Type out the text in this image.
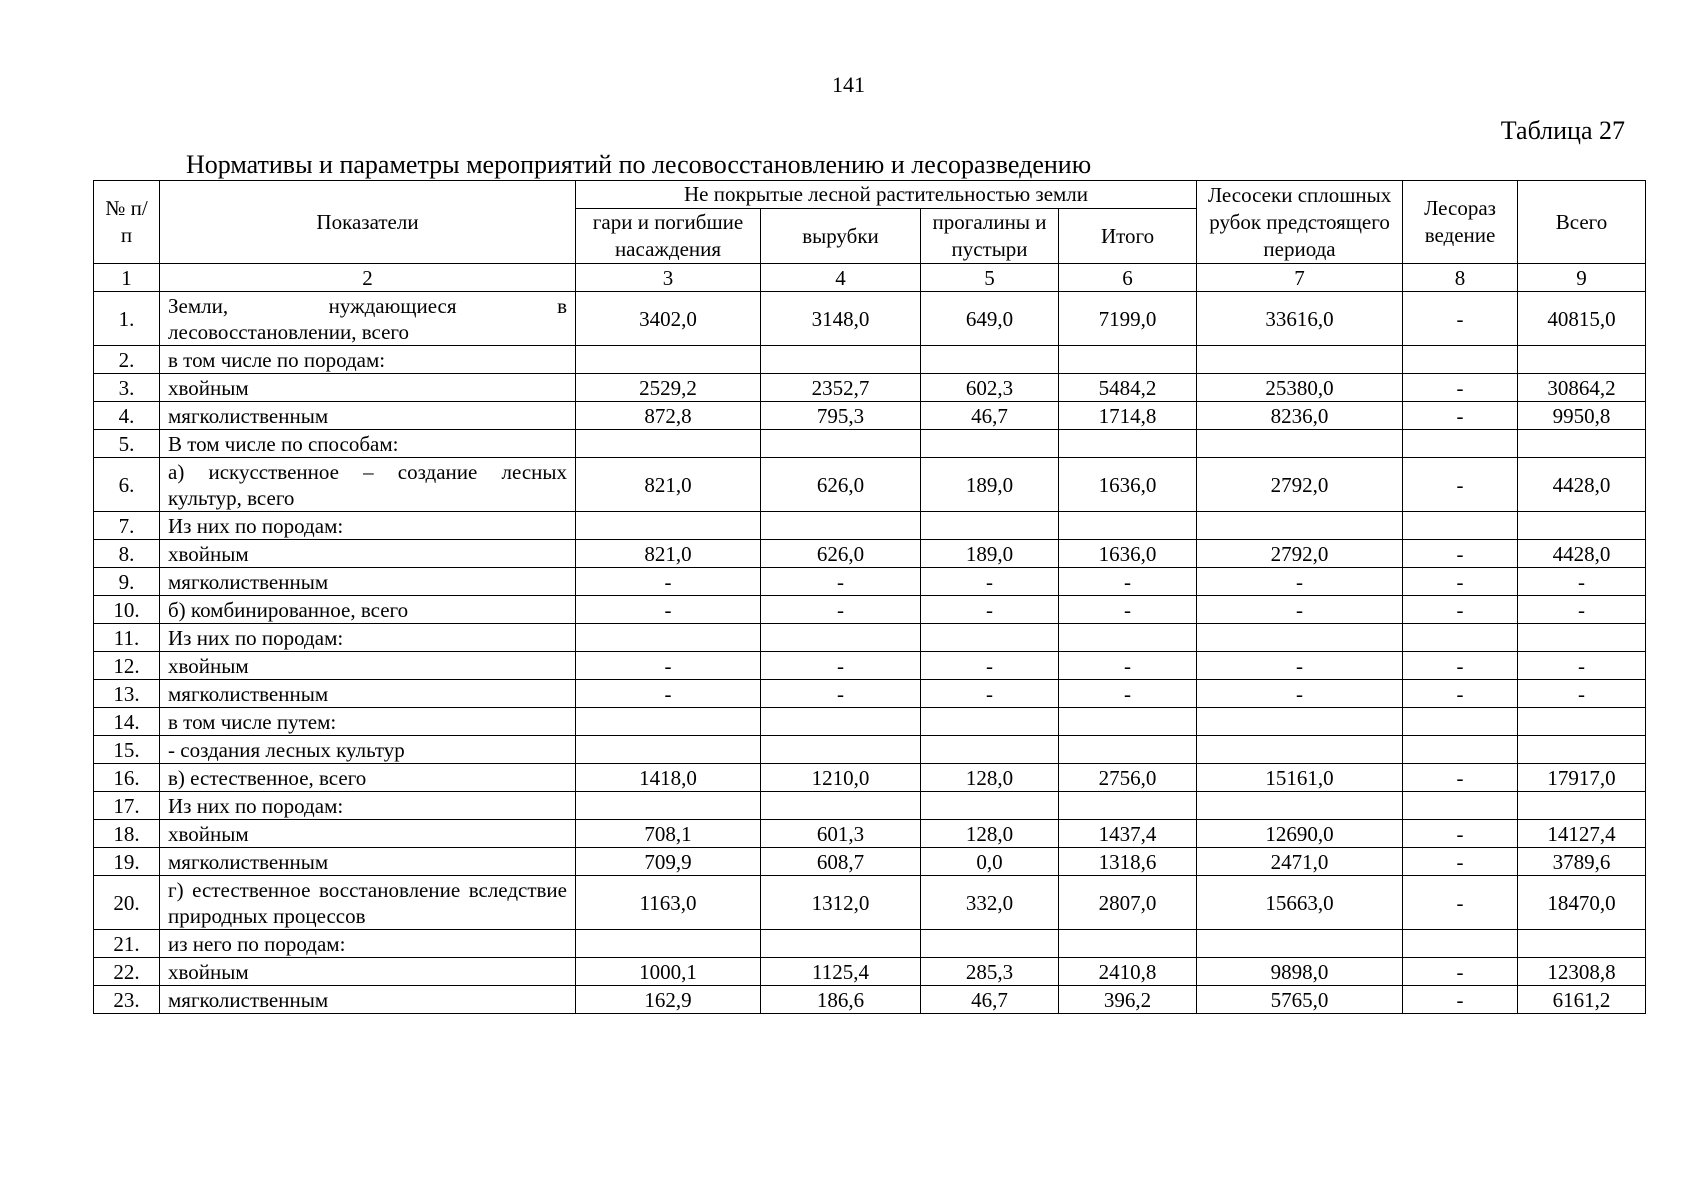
141
Таблица 27
Нормативы и параметры мероприятий по лесовосстановлению и лесоразведению
№ п/п	Показатели	Не покрытые лесной растительностью земли				Лесосеки сплошных рубок предстоящего периода	Лесораз ведение	Всего
		гари и погибшие насаждения	вырубки	прогалины и пустыри	Итого			
1	2	3	4	5	6	7	8	9
1.	Земли, нуждающиеся в лесовосстановлении, всего	3402,0	3148,0	649,0	7199,0	33616,0	-	40815,0
2.	в том числе по породам:							
3.	хвойным	2529,2	2352,7	602,3	5484,2	25380,0	-	30864,2
4.	мягколиственным	872,8	795,3	46,7	1714,8	8236,0	-	9950,8
5.	В том числе по способам:							
6.	а) искусственное – создание лесных культур, всего	821,0	626,0	189,0	1636,0	2792,0	-	4428,0
7.	Из них по породам:							
8.	хвойным	821,0	626,0	189,0	1636,0	2792,0	-	4428,0
9.	мягколиственным	-	-	-	-	-	-	-
10.	б) комбинированное, всего	-	-	-	-	-	-	-
11.	Из них по породам:							
12.	хвойным	-	-	-	-	-	-	-
13.	мягколиственным	-	-	-	-	-	-	-
14.	в том числе путем:							
15.	- создания лесных культур							
16.	в) естественное, всего	1418,0	1210,0	128,0	2756,0	15161,0	-	17917,0
17.	Из них по породам:							
18.	хвойным	708,1	601,3	128,0	1437,4	12690,0	-	14127,4
19.	мягколиственным	709,9	608,7	0,0	1318,6	2471,0	-	3789,6
20.	г) естественное восстановление вследствие природных процессов	1163,0	1312,0	332,0	2807,0	15663,0	-	18470,0
21.	из него по породам:							
22.	хвойным	1000,1	1125,4	285,3	2410,8	9898,0	-	12308,8
23.	мягколиственным	162,9	186,6	46,7	396,2	5765,0	-	6161,2
